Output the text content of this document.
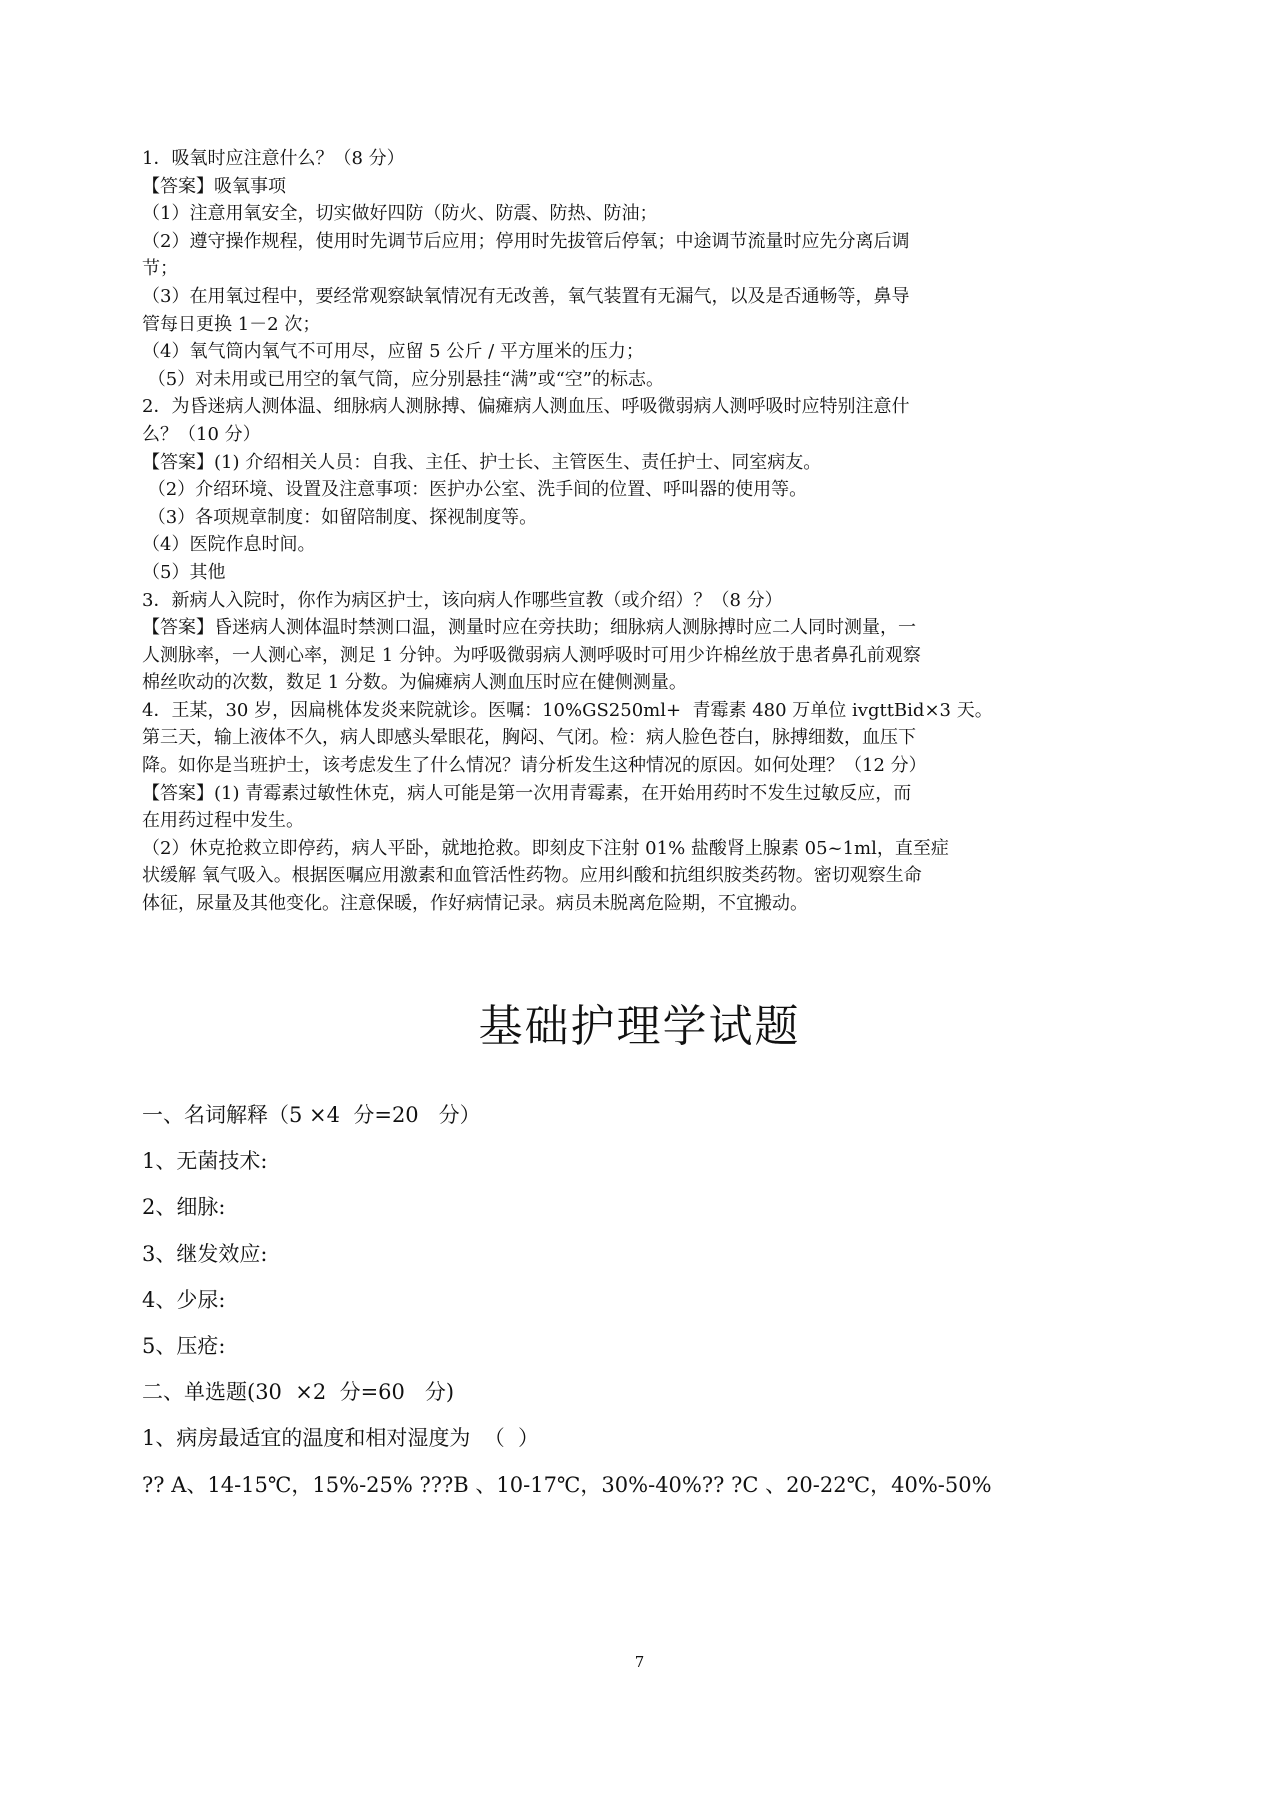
1．吸氧时应注意什么？（8 分）

【答案】吸氧事项

（1）注意用氧安全，切实做好四防（防火、防震、防热、防油；

（2）遵守操作规程，使用时先调节后应用；停用时先拔管后停氧；中途调节流量时应先分离后调

节；

（3）在用氧过程中，要经常观察缺氧情况有无改善，氧气装置有无漏气，以及是否通畅等，鼻导

管每日更换 1－2 次；

（4）氧气筒内氧气不可用尽，应留 5 公斤 / 平方厘米的压力；

（5）对未用或已用空的氧气筒，应分别悬挂“满”或“空”的标志。

2．为昏迷病人测体温、细脉病人测脉搏、偏瘫病人测血压、呼吸微弱病人测呼吸时应特别注意什

么？（10 分）

【答案】(1) 介绍相关人员：自我、主任、护士长、主管医生、责任护士、同室病友。

（2）介绍环境、设置及注意事项：医护办公室、洗手间的位置、呼叫器的使用等。

（3）各项规章制度：如留陪制度、探视制度等。

（4）医院作息时间。

（5）其他

3．新病人入院时，你作为病区护士，该向病人作哪些宣教（或介绍）？（8 分）

【答案】昏迷病人测体温时禁测口温，测量时应在旁扶助；细脉病人测脉搏时应二人同时测量，一

人测脉率，一人测心率，测足 1 分钟。为呼吸微弱病人测呼吸时可用少许棉丝放于患者鼻孔前观察

棉丝吹动的次数，数足 1 分数。为偏瘫病人测血压时应在健侧测量。

4．王某，30 岁，因扁桃体发炎来院就诊。医嘱：10%GS250ml+  青霉素 480 万单位 ivgttBid×3 天。

第三天，输上液体不久，病人即感头晕眼花，胸闷、气闭。检：病人脸色苍白，脉搏细数，血压下

降。如你是当班护士，该考虑发生了什么情况？请分析发生这种情况的原因。如何处理？（12 分）

【答案】(1) 青霉素过敏性休克，病人可能是第一次用青霉素，在开始用药时不发生过敏反应，而

在用药过程中发生。

（2）休克抢救立即停药，病人平卧，就地抢救。即刻皮下注射 01% 盐酸肾上腺素 05~1ml，直至症

状缓解 氧气吸入。根据医嘱应用激素和血管活性药物。应用纠酸和抗组织胺类药物。密切观察生命

体征，尿量及其他变化。注意保暖，作好病情记录。病员未脱离危险期，不宜搬动。

基础护理学试题

一、名词解释（5 ×4  分=20   分）

1、无菌技术:

2、细脉:

3、继发效应:

4、少尿:

5、压疮:

二、单选题(30  ×2  分=60   分)

1、病房最适宜的温度和相对湿度为  （  ）

?? A、14-15℃，15%-25% ???B 、10-17℃，30%-40%?? ?C 、20-22℃，40%-50%

7
